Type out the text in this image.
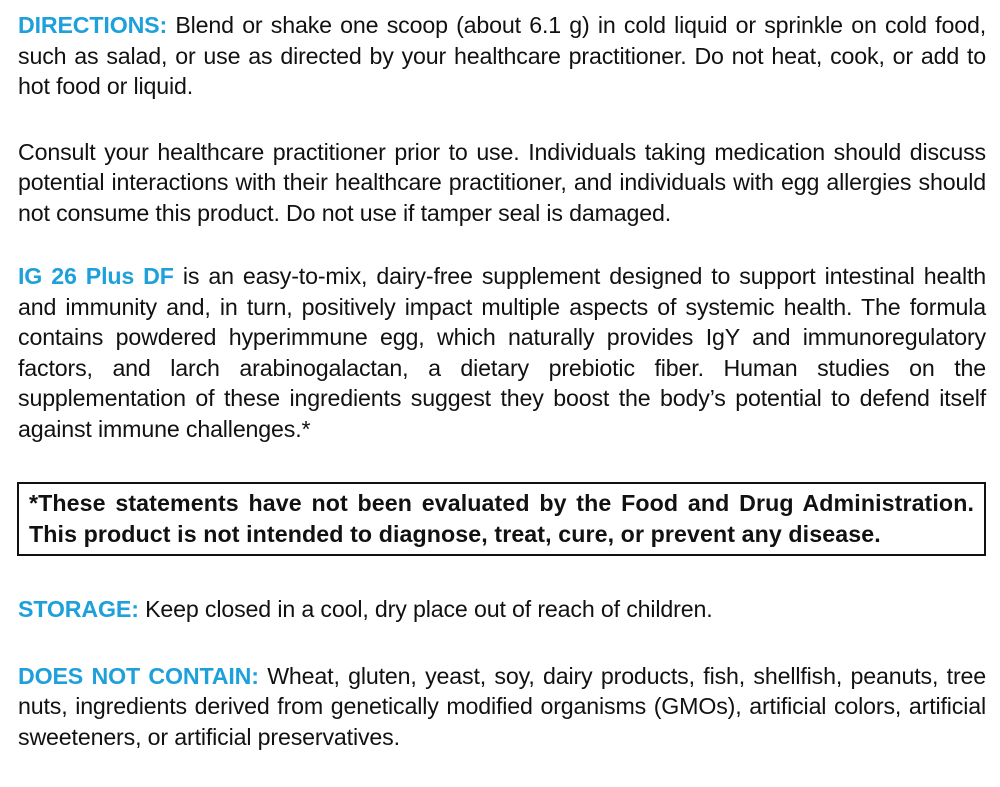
DIRECTIONS: Blend or shake one scoop (about 6.1 g) in cold liquid or sprinkle on cold food, such as salad, or use as directed by your healthcare practitioner. Do not heat, cook, or add to hot food or liquid.

Consult your healthcare practitioner prior to use. Individuals taking medication should discuss potential interactions with their healthcare practitioner, and individuals with egg allergies should not consume this product. Do not use if tamper seal is damaged.

IG 26 Plus DF is an easy-to-mix, dairy-free supplement designed to support intestinal health and immunity and, in turn, positively impact multiple aspects of systemic health. The formula contains powdered hyperimmune egg, which naturally provides IgY and immunoregulatory factors, and larch arabinogalactan, a dietary prebiotic fiber. Human studies on the supplementation of these ingredients suggest they boost the body’s potential to defend itself against immune challenges.*

*These statements have not been evaluated by the Food and Drug Administration. This product is not intended to diagnose, treat, cure, or prevent any disease.

STORAGE: Keep closed in a cool, dry place out of reach of children.

DOES NOT CONTAIN: Wheat, gluten, yeast, soy, dairy products, fish, shellfish, peanuts, tree nuts, ingredients derived from genetically modified organisms (GMOs), artificial colors, artificial sweeteners, or artificial preservatives.
